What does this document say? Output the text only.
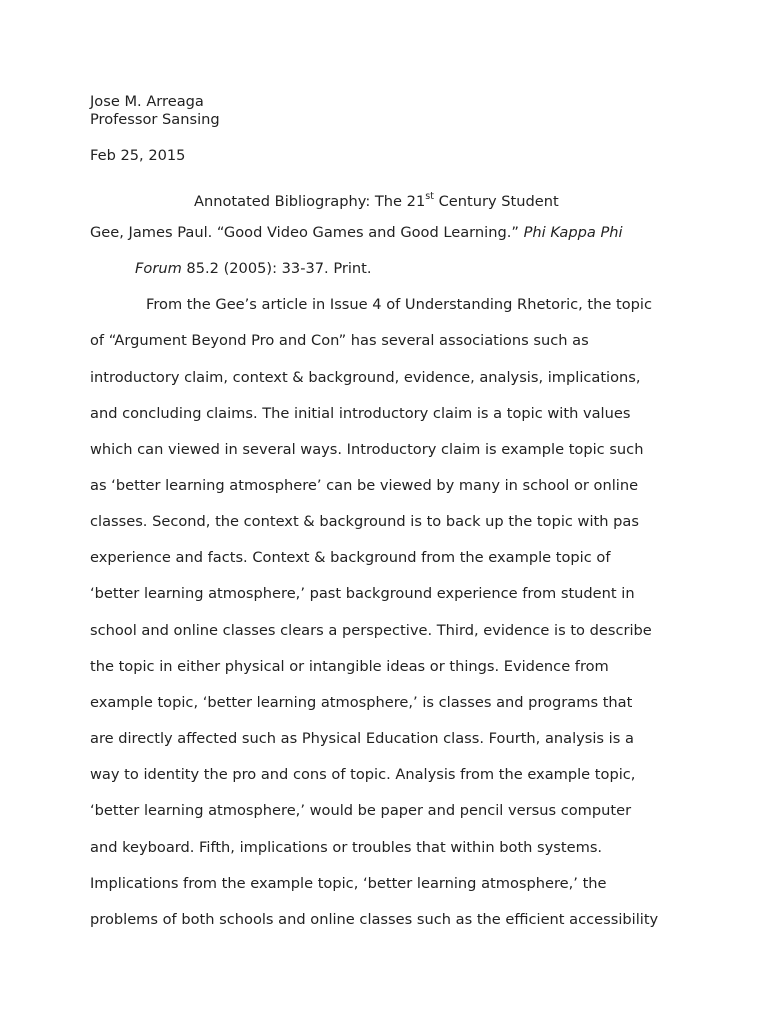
Jose M. Arreaga
Professor Sansing
Feb 25, 2015
Annotated Bibliography: The 21st Century Student
Gee, James Paul. “Good Video Games and Good Learning.” Phi Kappa Phi
Forum 85.2 (2005): 33-37. Print.
From the Gee’s article in Issue 4 of Understanding Rhetoric, the topic
of “Argument Beyond Pro and Con” has several associations such as
introductory claim, context & background, evidence, analysis, implications,
and concluding claims. The initial introductory claim is a topic with values
which can viewed in several ways. Introductory claim is example topic such
as ‘better learning atmosphere’ can be viewed by many in school or online
classes. Second, the context & background is to back up the topic with pas
experience and facts. Context & background from the example topic of
‘better learning atmosphere,’ past background experience from student in
school and online classes clears a perspective. Third, evidence is to describe
the topic in either physical or intangible ideas or things. Evidence from
example topic, ‘better learning atmosphere,’ is classes and programs that
are directly affected such as Physical Education class. Fourth, analysis is a
way to identity the pro and cons of topic. Analysis from the example topic,
‘better learning atmosphere,’ would be paper and pencil versus computer
and keyboard. Fifth, implications or troubles that within both systems.
Implications from the example topic, ‘better learning atmosphere,’ the
problems of both schools and online classes such as the efficient accessibility
